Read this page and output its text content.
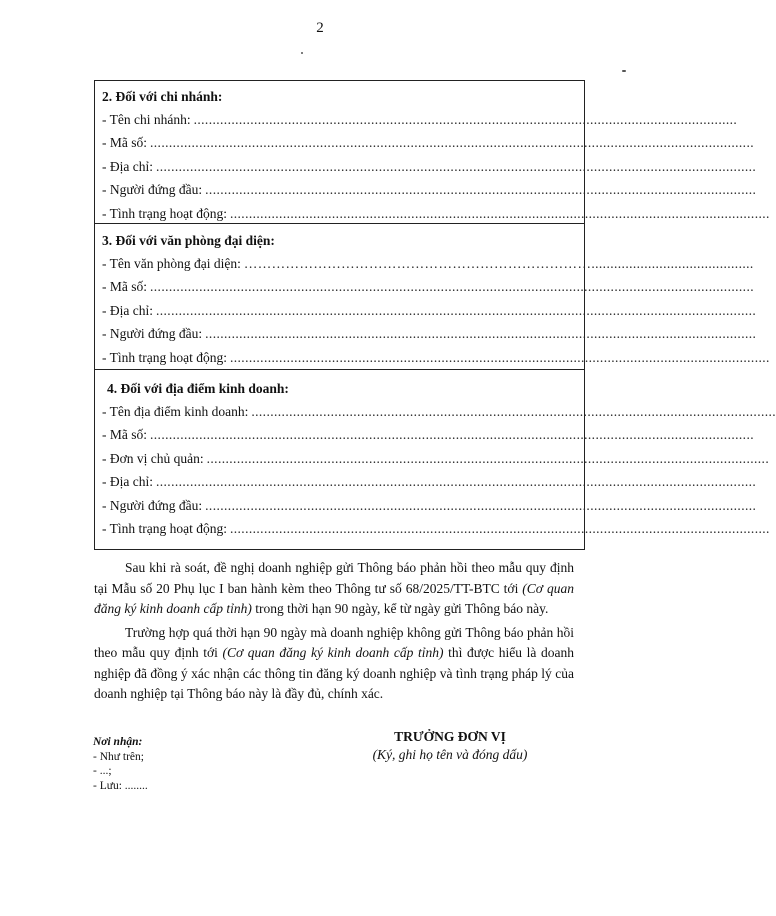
2
2. Đối với chi nhánh:
- Tên chi nhánh: ................................................................................................................................................
- Mã số: ................................................................................................................................................................
- Địa chỉ: ...............................................................................................................................................................
- Người đứng đầu: ..................................................................................................................................................
- Tình trạng hoạt động: ...............................................................................................................................................
3. Đối với văn phòng đại diện:
- Tên văn phòng đại diện: …………………………………………………………………...........................................
- Mã số: ................................................................................................................................................................
- Địa chỉ: ...............................................................................................................................................................
- Người đứng đầu: ..................................................................................................................................................
- Tình trạng hoạt động: ...............................................................................................................................................
4. Đối với địa điểm kinh doanh:
- Tên địa điểm kinh doanh: ...........................................................................................................................................
- Mã số: ................................................................................................................................................................
- Đơn vị chủ quản: .....................................................................................................................................................
- Địa chỉ: ...............................................................................................................................................................
- Người đứng đầu: ..................................................................................................................................................
- Tình trạng hoạt động: ...............................................................................................................................................

Sau khi rà soát, đề nghị doanh nghiệp gửi Thông báo phản hồi theo mẫu quy định tại Mẫu số 20 Phụ lục I ban hành kèm theo Thông tư số 68/2025/TT-BTC tới (Cơ quan đăng ký kinh doanh cấp tỉnh) trong thời hạn 90 ngày, kể từ ngày gửi Thông báo này.

Trường hợp quá thời hạn 90 ngày mà doanh nghiệp không gửi Thông báo phản hồi theo mẫu quy định tới (Cơ quan đăng ký kinh doanh cấp tỉnh) thì được hiểu là doanh nghiệp đã đồng ý xác nhận các thông tin đăng ký doanh nghiệp và tình trạng pháp lý của doanh nghiệp tại Thông báo này là đầy đủ, chính xác.

Nơi nhận:
- Như trên;
- ...;
- Lưu: ........
TRƯỞNG ĐƠN VỊ
(Ký, ghi họ tên và đóng dấu)
